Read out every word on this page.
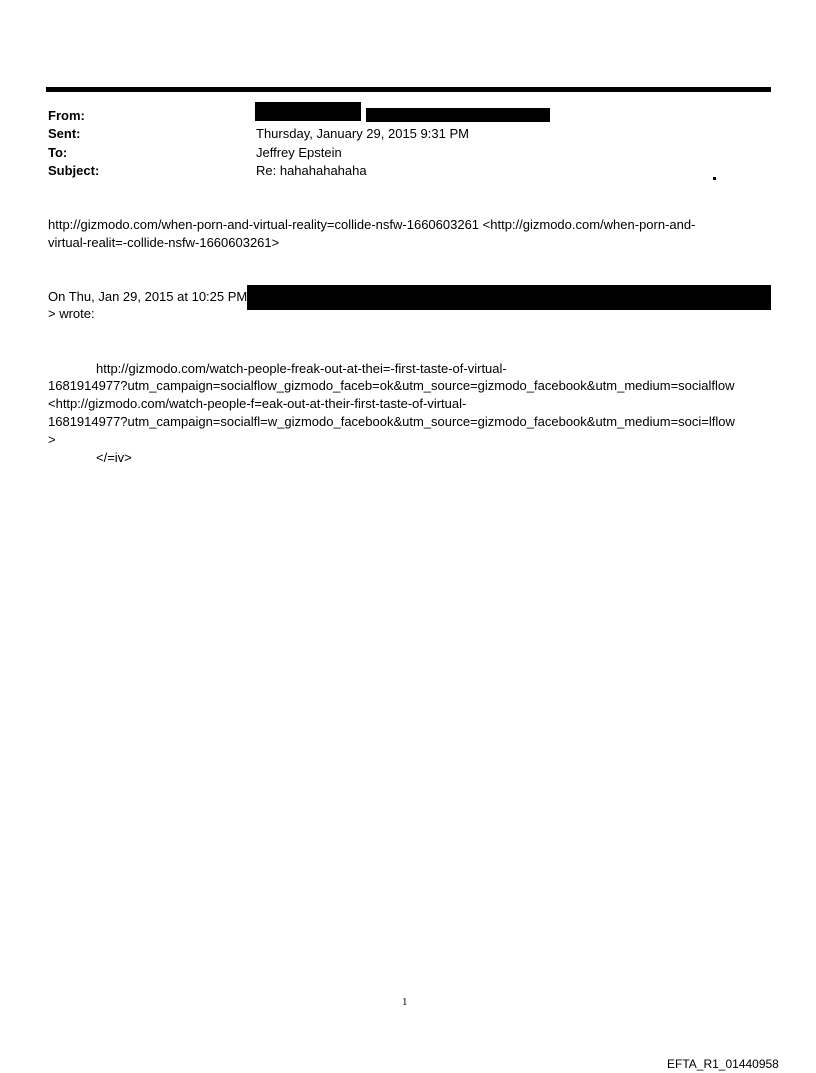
From:
Sent:	Thursday, January 29, 2015 9:31 PM
To:	Jeffrey Epstein
Subject:	Re: hahahahahaha
http://gizmodo.com/when-porn-and-virtual-reality=collide-nsfw-1660603261 <http://gizmodo.com/when-porn-and-
virtual-realit=-collide-nsfw-1660603261>
On Thu, Jan 29, 2015 at 10:25 PM
> wrote:
http://gizmodo.com/watch-people-freak-out-at-thei=-first-taste-of-virtual-
1681914977?utm_campaign=socialflow_gizmodo_faceb=ok&utm_source=gizmodo_facebook&utm_medium=socialflow
<http://gizmodo.com/watch-people-f=eak-out-at-their-first-taste-of-virtual-
1681914977?utm_campaign=socialfl=w_gizmodo_facebook&utm_source=gizmodo_facebook&utm_medium=soci=lflow
>
</=iv>
1
EFTA_R1_01440958
